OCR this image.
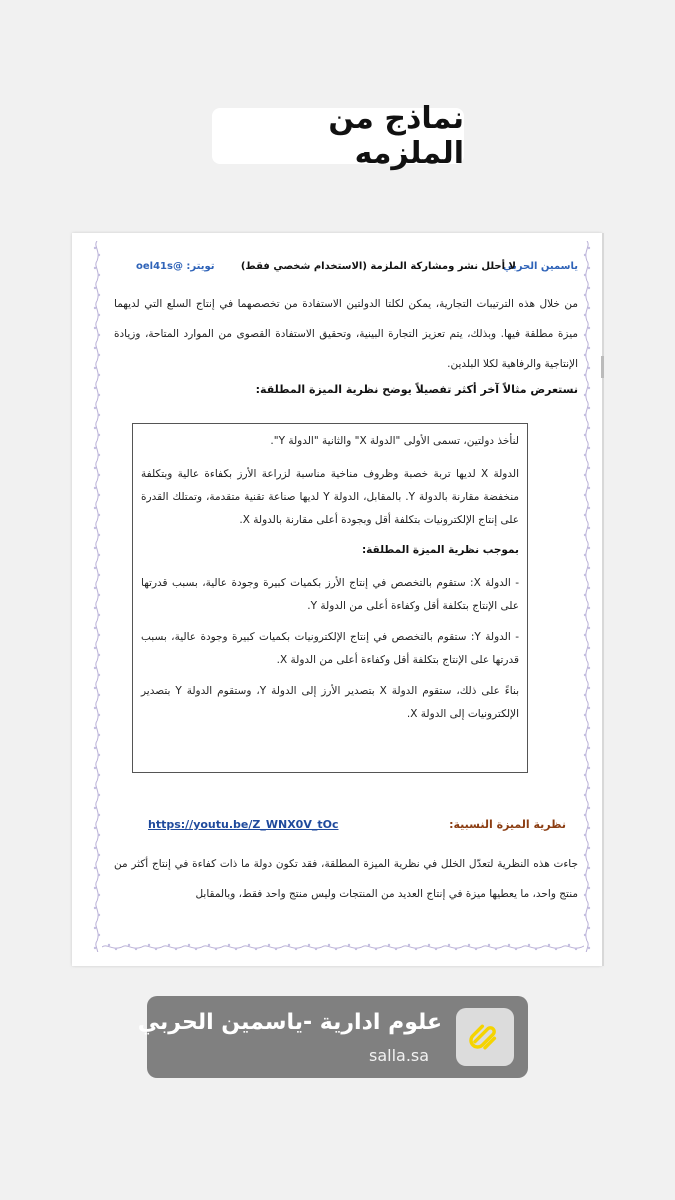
نماذج من الملزمه
ياسمين الحربي
لا أحلل نشر ومشاركة الملزمة (الاستخدام شخصي فقط)
تويتر: @oel41s
من خلال هذه الترتيبات التجارية، يمكن لكلتا الدولتين الاستفادة من تخصصهما في إنتاج السلع التي لديهما ميزة مطلقة فيها. وبذلك، يتم تعزيز التجارة البينية، وتحقيق الاستفادة القصوى من الموارد المتاحة، وزيادة الإنتاجية والرفاهية لكلا البلدين.
نستعرض مثالاً آخر أكثر تفصيلاً يوضح نظرية الميزة المطلقة:
لنأخذ دولتين، تسمى الأولى "الدولة X" والثانية "الدولة Y".
الدولة X لديها تربة خصبة وظروف مناخية مناسبة لزراعة الأرز بكفاءة عالية وبتكلفة منخفضة مقارنة بالدولة Y. بالمقابل، الدولة Y لديها صناعة تقنية متقدمة، وتمتلك القدرة على إنتاج الإلكترونيات بتكلفة أقل وبجودة أعلى مقارنة بالدولة X.
بموجب نظرية الميزة المطلقة:
- الدولة X: ستقوم بالتخصص في إنتاج الأرز بكميات كبيرة وجودة عالية، بسبب قدرتها على الإنتاج بتكلفة أقل وكفاءة أعلى من الدولة Y.
- الدولة Y: ستقوم بالتخصص في إنتاج الإلكترونيات بكميات كبيرة وجودة عالية، بسبب قدرتها على الإنتاج بتكلفة أقل وكفاءة أعلى من الدولة X.
بناءً على ذلك، ستقوم الدولة X بتصدير الأرز إلى الدولة Y، وستقوم الدولة Y بتصدير الإلكترونيات إلى الدولة X.
نظرية الميزة النسبية:
https://youtu.be/Z_WNX0V_tOc
جاءت هذه النظرية لتعدّل الخلل في نظرية الميزة المطلقة، فقد تكون دولة ما ذات كفاءة في إنتاج أكثر من منتج واحد، ما يعطيها ميزة في إنتاج العديد من المنتجات وليس منتج واحد فقط، وبالمقابل
علوم ادارية -ياسمين الحربي
salla.sa
